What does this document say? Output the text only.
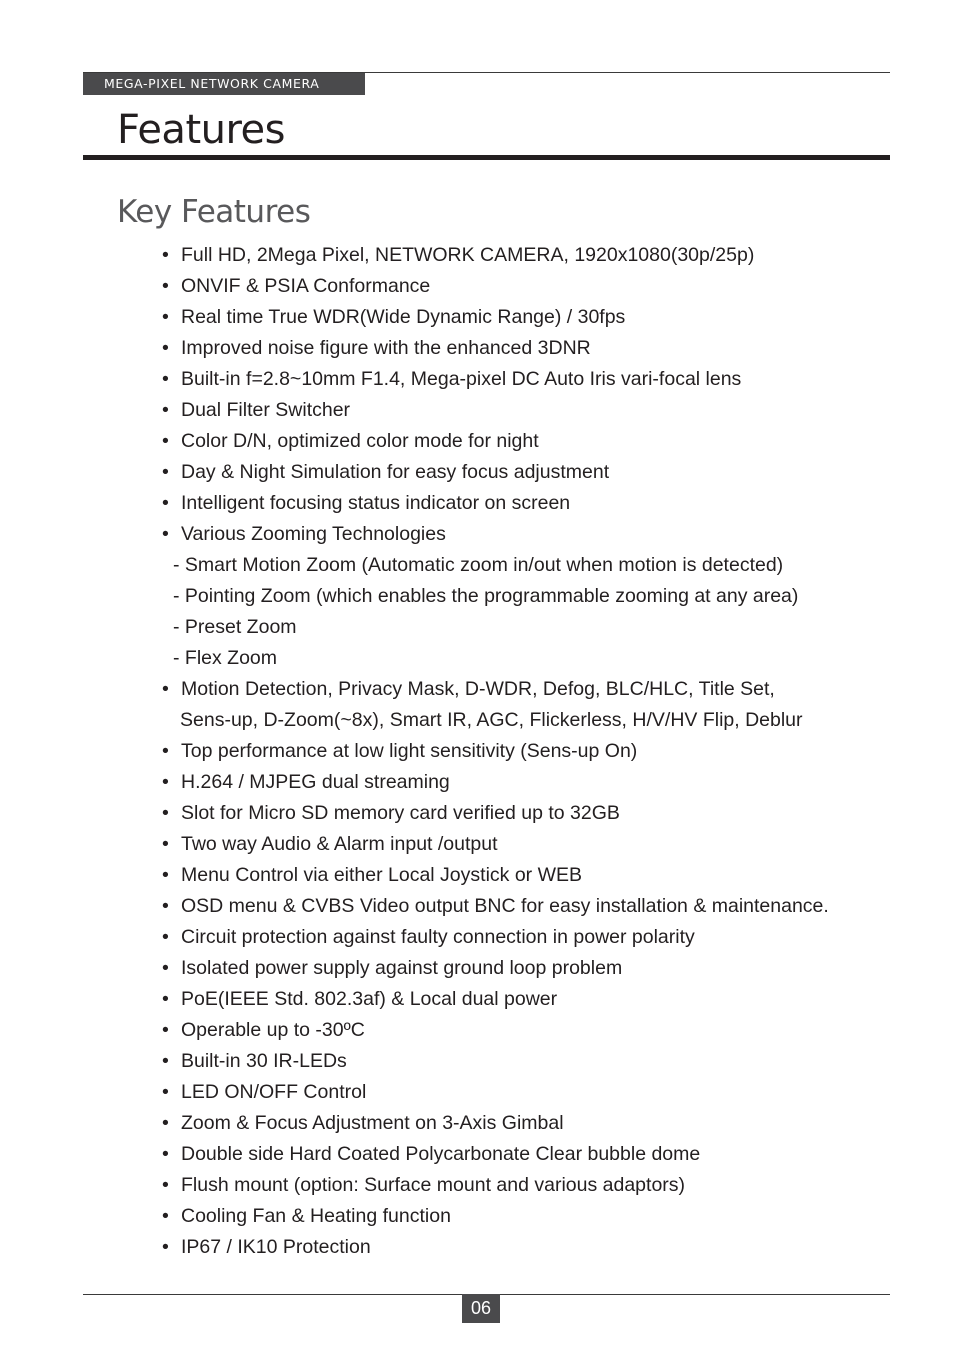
MEGA-PIXEL NETWORK CAMERA
Features
Key Features
• Full HD, 2Mega Pixel, NETWORK CAMERA, 1920x1080(30p/25p)
• ONVIF & PSIA Conformance
• Real time True WDR(Wide Dynamic Range) / 30fps
• Improved noise figure with the enhanced 3DNR
• Built-in f=2.8~10mm F1.4, Mega-pixel DC Auto Iris vari-focal lens
• Dual Filter Switcher
• Color D/N, optimized color mode for night
• Day & Night Simulation for easy focus adjustment
• Intelligent focusing status indicator on screen
• Various Zooming Technologies
- Smart Motion Zoom (Automatic zoom in/out when motion is detected)
- Pointing Zoom (which enables the programmable zooming at any area)
- Preset Zoom
- Flex Zoom
• Motion Detection, Privacy Mask, D-WDR, Defog, BLC/HLC, Title Set,
Sens-up, D-Zoom(~8x), Smart IR, AGC, Flickerless, H/V/HV Flip, Deblur
• Top performance at low light sensitivity (Sens-up On)
• H.264 / MJPEG dual streaming
• Slot for Micro SD memory card verified up to 32GB
• Two way Audio & Alarm input /output
• Menu Control via either Local Joystick or WEB
• OSD menu & CVBS Video output BNC for easy installation & maintenance.
• Circuit protection against faulty connection in power polarity
• Isolated power supply against ground loop problem
• PoE(IEEE Std. 802.3af) & Local dual power
• Operable up to -30ºC
• Built-in 30 IR-LEDs
• LED ON/OFF Control
• Zoom & Focus Adjustment on 3-Axis Gimbal
• Double side Hard Coated Polycarbonate Clear bubble dome
• Flush mount (option: Surface mount and various adaptors)
• Cooling Fan & Heating function
• IP67 / IK10 Protection
06
